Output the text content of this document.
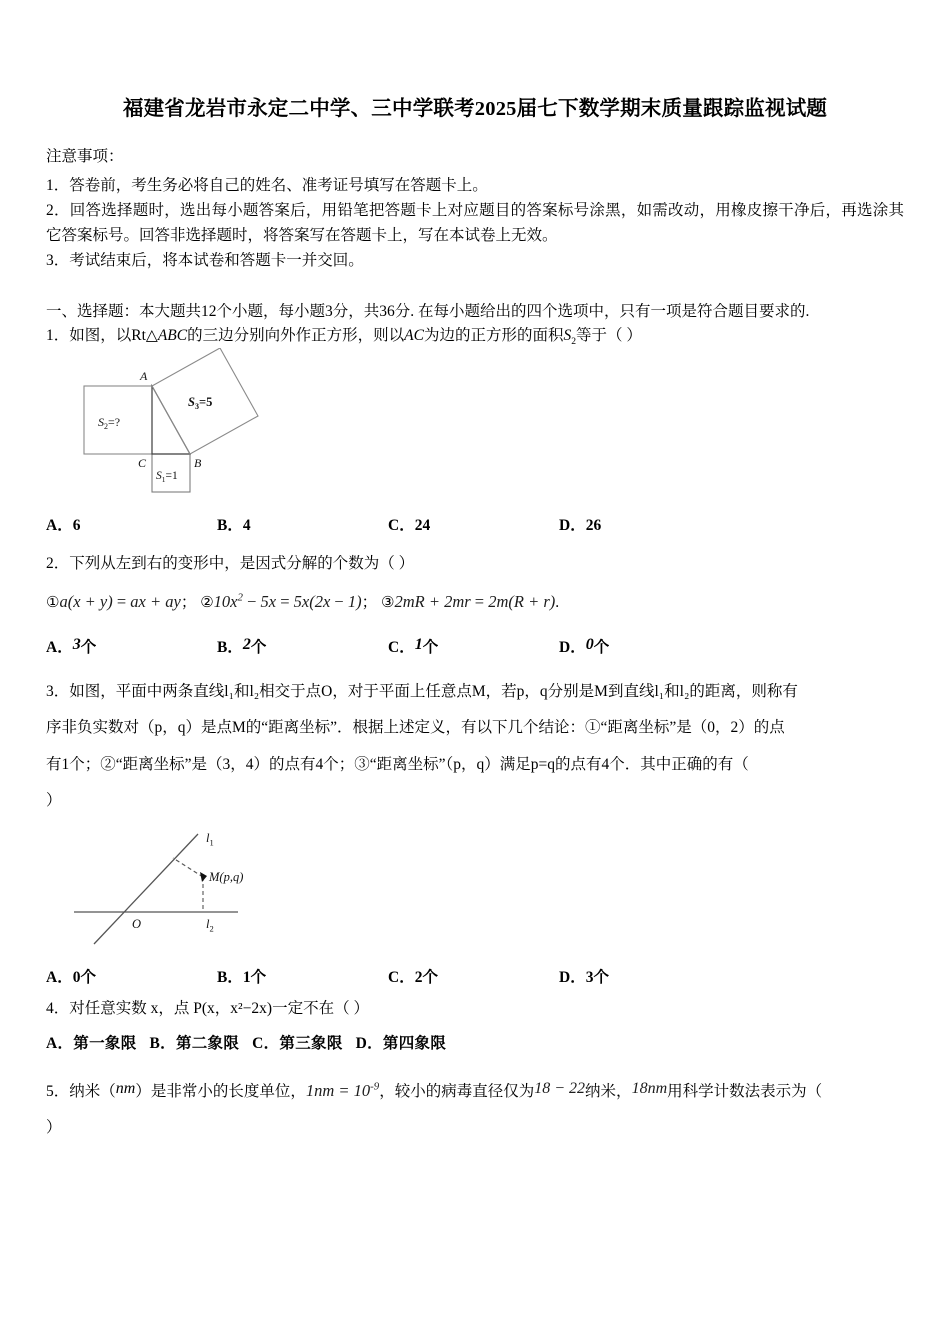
福建省龙岩市永定二中学、三中学联考2025届七下数学期末质量跟踪监视试题

注意事项：

1．答卷前，考生务必将自己的姓名、准考证号填写在答题卡上。

2．回答选择题时，选出每小题答案后，用铅笔把答题卡上对应题目的答案标号涂黑，如需改动，用橡皮擦干净后，再选涂其它答案标号。回答非选择题时，将答案写在答题卡上，写在本试卷上无效。

3．考试结束后，将本试卷和答题卡一并交回。

一、选择题：本大题共12个小题，每小题3分，共36分. 在每小题给出的四个选项中，只有一项是符合题目要求的.

1．如图，以Rt△ABC的三边分别向外作正方形，则以AC为边的正方形的面积$S_2$等于（ ）

A
B
C
$S_2=$?
$S_3=5$
$S_1=1$
A．6	B．4	C．24	D．26

2．下列从左到右的变形中，是因式分解的个数为（ ）

①a(x + y) = ax + ay； $②10x^2 - 5x = 5x(2x - 1)$； ③2mR + 2mr = 2m(R + r).

A．3个	B．2个	C．1个	D．0个

3．如图，平面中两条直线l₁和l₂相交于点O，对于平面上任意点M，若p，q分别是M到直线l₁和l₂的距离，则称有
序非负实数对（p，q）是点M的“距离坐标”．根据上述定义，有以下几个结论：①“距离坐标”是（0，2）的点
有1个；②“距离坐标”是（3，4）的点有4个；③“距离坐标”（p，q）满足p=q的点有4个．其中正确的有（
）

M(p,q)
$l_1$
$l_2$
O
A．0个	B．1个	C．2个	D．3个

4．对任意实数 x，点 P(x，x²−2x)一定不在（ ）

A．第一象限 B．第二象限 C．第三象限 D．第四象限

5．纳米（nm）是非常小的长度单位，$1nm = 10^{-9}$，较小的病毒直径仅为18 − 22纳米，18nm用科学计数法表示为（
）
